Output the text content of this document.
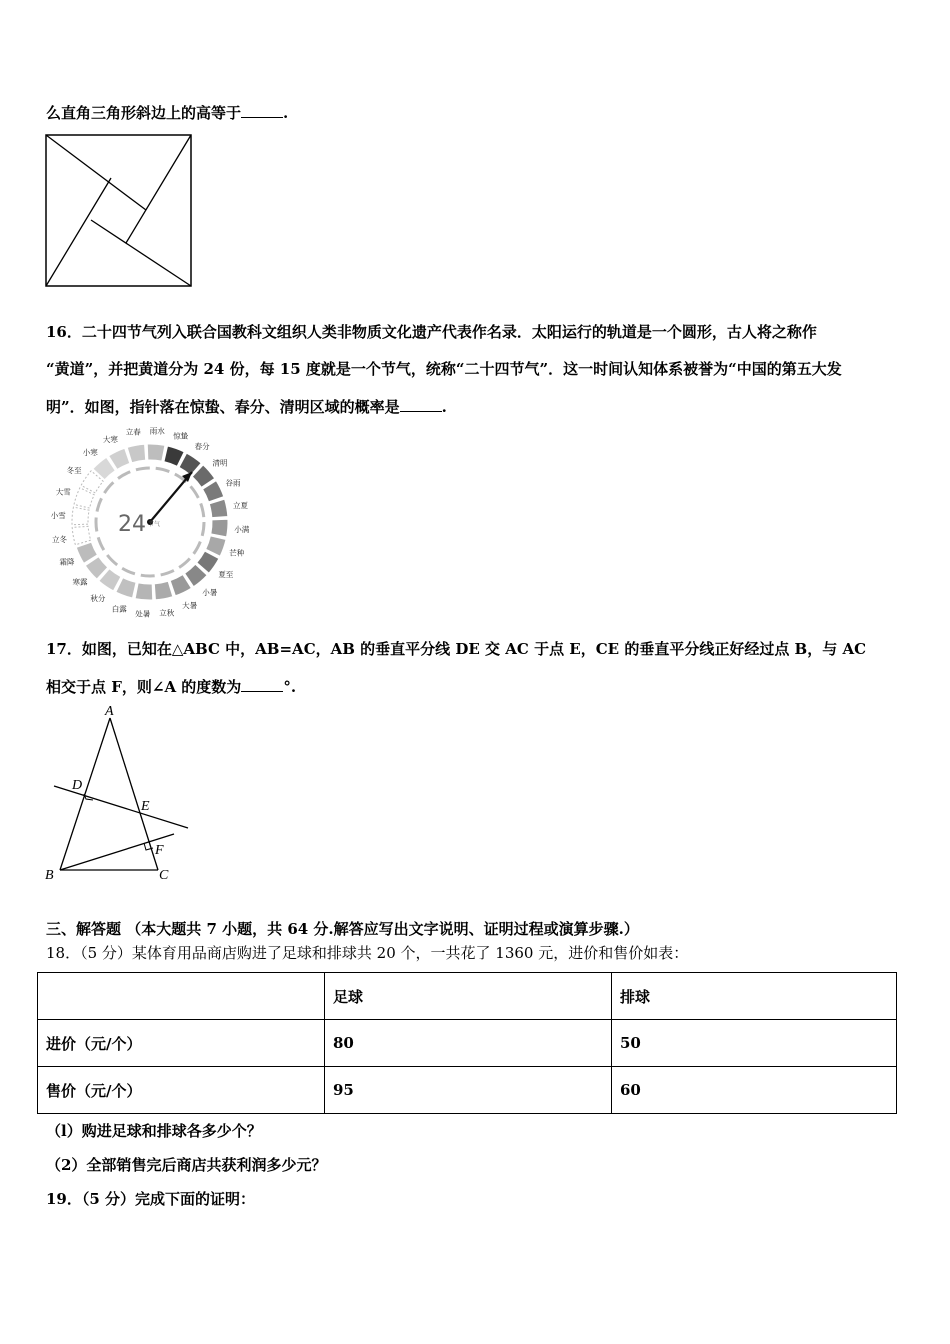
么直角三角形斜边上的高等于	.
16．二十四节气列入联合国教科文组织人类非物质文化遗产代表作名录．太阳运行的轨道是一个圆形，古人将之称作
“黄道”，并把黄道分为 24 份，每 15 度就是一个节气，统称“二十四节气”．这一时间认知体系被誉为“中国的第五大发
明”．如图，指针落在惊蛰、春分、清明区域的概率是	.
立春 雨水
惊蛰
春分
清明
谷雨
立夏
小满
芒种
夏至
小暑
大暑
立秋
处暑
白露
秋分
寒露
霜降
立冬
小雪
大雪
冬至
小寒
大寒
24 节气
17．如图，已知在△ABC 中，AB=AC，AB 的垂直平分线 DE 交 AC 于点 E，CE 的垂直平分线正好经过点 B，与 AC
相交于点 F，则∠A 的度数为	°.
A
B	C
D
E
F
三、解答题 （本大题共 7 小题，共 64 分.解答应写出文字说明、证明过程或演算步骤.）
18．（5 分）某体育用品商店购进了足球和排球共 20 个，一共花了 1360 元，进价和售价如表：
	足球	排球
进价（元/个）	80	50
售价（元/个）	95	60
（l）购进足球和排球各多少个？
（2）全部销售完后商店共获利润多少元？
19．（5 分）完成下面的证明：
